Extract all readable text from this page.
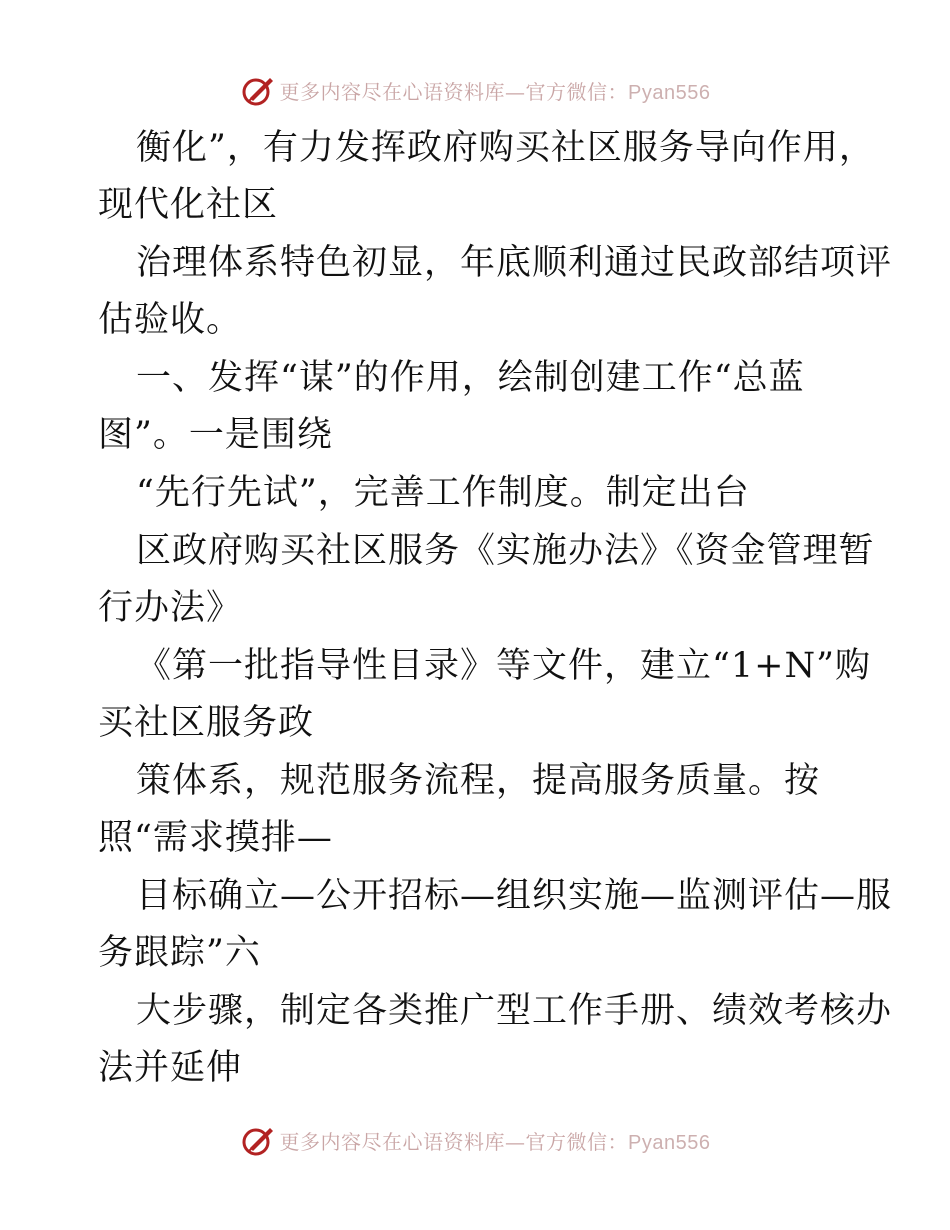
更多内容尽在心语资料库—官方微信：Pyan556

衡化”，有力发挥政府购买社区服务导向作用，

现代化社区

治理体系特色初显，年底顺利通过民政部结项评

估验收。

一、发挥“谋”的作用，绘制创建工作“总蓝

图”。一是围绕

“先行先试”，完善工作制度。制定出台

区政府购买社区服务《实施办法》《资金管理暂

行办法》

《第一批指导性目录》等文件，建立“1+N”购

买社区服务政

策体系，规范服务流程，提高服务质量。按

照“需求摸排—

目标确立—公开招标—组织实施—监测评估—服

务跟踪”六

大步骤，制定各类推广型工作手册、绩效考核办

法并延伸

更多内容尽在心语资料库—官方微信：Pyan556
